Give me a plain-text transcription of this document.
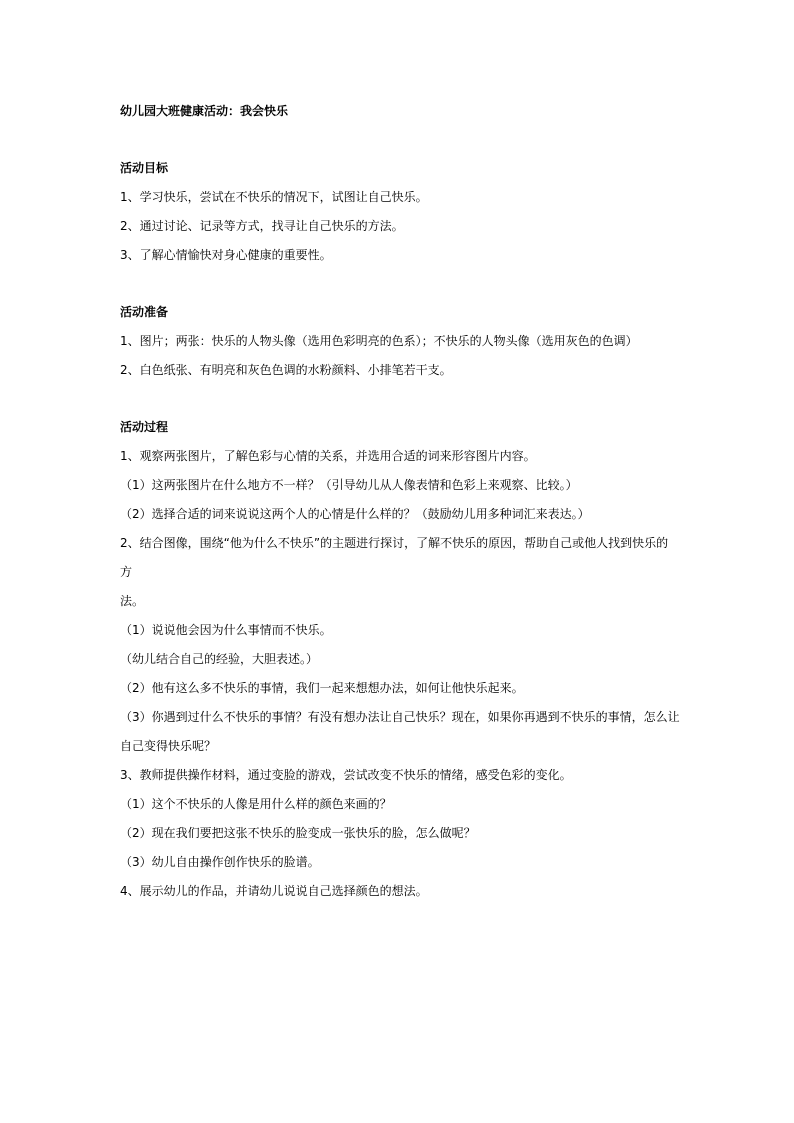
幼儿园大班健康活动：我会快乐
活动目标
1、学习快乐，尝试在不快乐的情况下，试图让自己快乐。
2、通过讨论、记录等方式，找寻让自己快乐的方法。
3、了解心情愉快对身心健康的重要性。
活动准备
1、图片；两张：快乐的人物头像（选用色彩明亮的色系）；不快乐的人物头像（选用灰色的色调）
2、白色纸张、有明亮和灰色色调的水粉颜料、小排笔若干支。
活动过程
1、观察两张图片，了解色彩与心情的关系，并选用合适的词来形容图片内容。
（1）这两张图片在什么地方不一样？（引导幼儿从人像表情和色彩上来观察、比较。）
（2）选择合适的词来说说这两个人的心情是什么样的？（鼓励幼儿用多种词汇来表达。）
2、结合图像，围绕“他为什么不快乐”的主题进行探讨，了解不快乐的原因，帮助自己或他人找到快乐的方
法。
（1）说说他会因为什么事情而不快乐。
（幼儿结合自己的经验，大胆表述。）
（2）他有这么多不快乐的事情，我们一起来想想办法，如何让他快乐起来。
（3）你遇到过什么不快乐的事情？有没有想办法让自己快乐？现在，如果你再遇到不快乐的事情，怎么让
自己变得快乐呢？
3、教师提供操作材料，通过变脸的游戏，尝试改变不快乐的情绪，感受色彩的变化。
（1）这个不快乐的人像是用什么样的颜色来画的？
（2）现在我们要把这张不快乐的脸变成一张快乐的脸，怎么做呢？
（3）幼儿自由操作创作快乐的脸谱。
4、展示幼儿的作品，并请幼儿说说自己选择颜色的想法。
